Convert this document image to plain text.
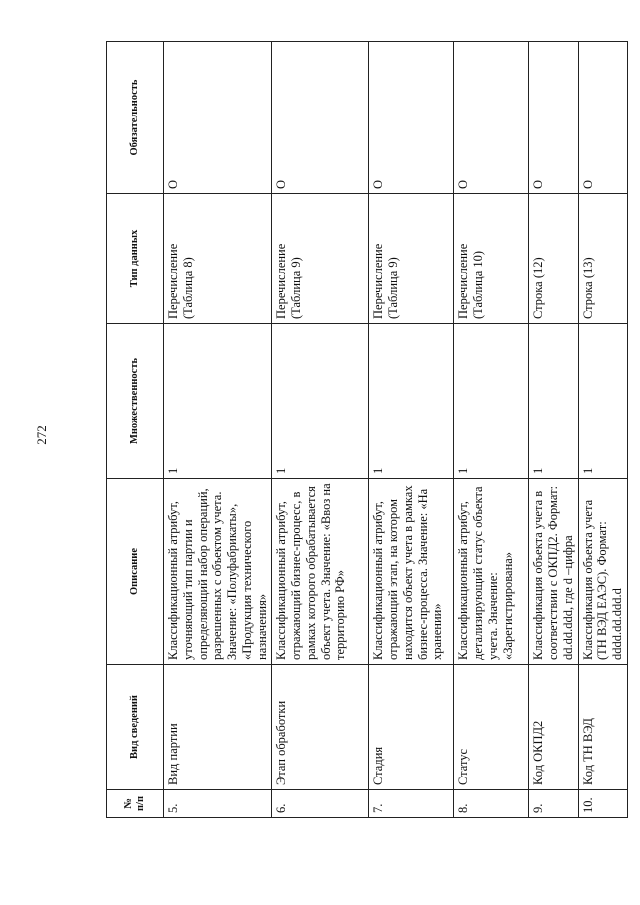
272
№ п/п	Вид сведений	Описание	Множественность	Тип данных	Обязательность
5.	Вид партии	Классификационный атрибут, уточняющий тип партии и определяющий набор операций, разрешенных с объектом учета. Значение: «Полуфабрикаты», «Продукция технического назначения»	1	Перечисление (Таблица 8)	О
6.	Этап обработки	Классификационный атрибут, отражающий бизнес-процесс, в рамках которого обрабатывается объект учета. Значение: «Ввоз на территорию РФ»	1	Перечисление (Таблица 9)	О
7.	Стадия	Классификационный атрибут, отражающий этап, на котором находится объект учета в рамках бизнес-процесса. Значение: «На хранении»	1	Перечисление (Таблица 9)	О
8.	Статус	Классификационный атрибут, детализирующий статус объекта учета. Значение: «Зарегистрирована»	1	Перечисление (Таблица 10)	О
9.	Код ОКПД2	Классификация объекта учета в соответствии с ОКПД2. Формат: dd.dd.ddd, где d –цифра	1	Строка (12)	О
10.	Код ТН ВЭД	Классификация объекта учета (ТН ВЭД ЕАЭС). Формат: dddd.dd.ddd.d	1	Строка (13)	О
